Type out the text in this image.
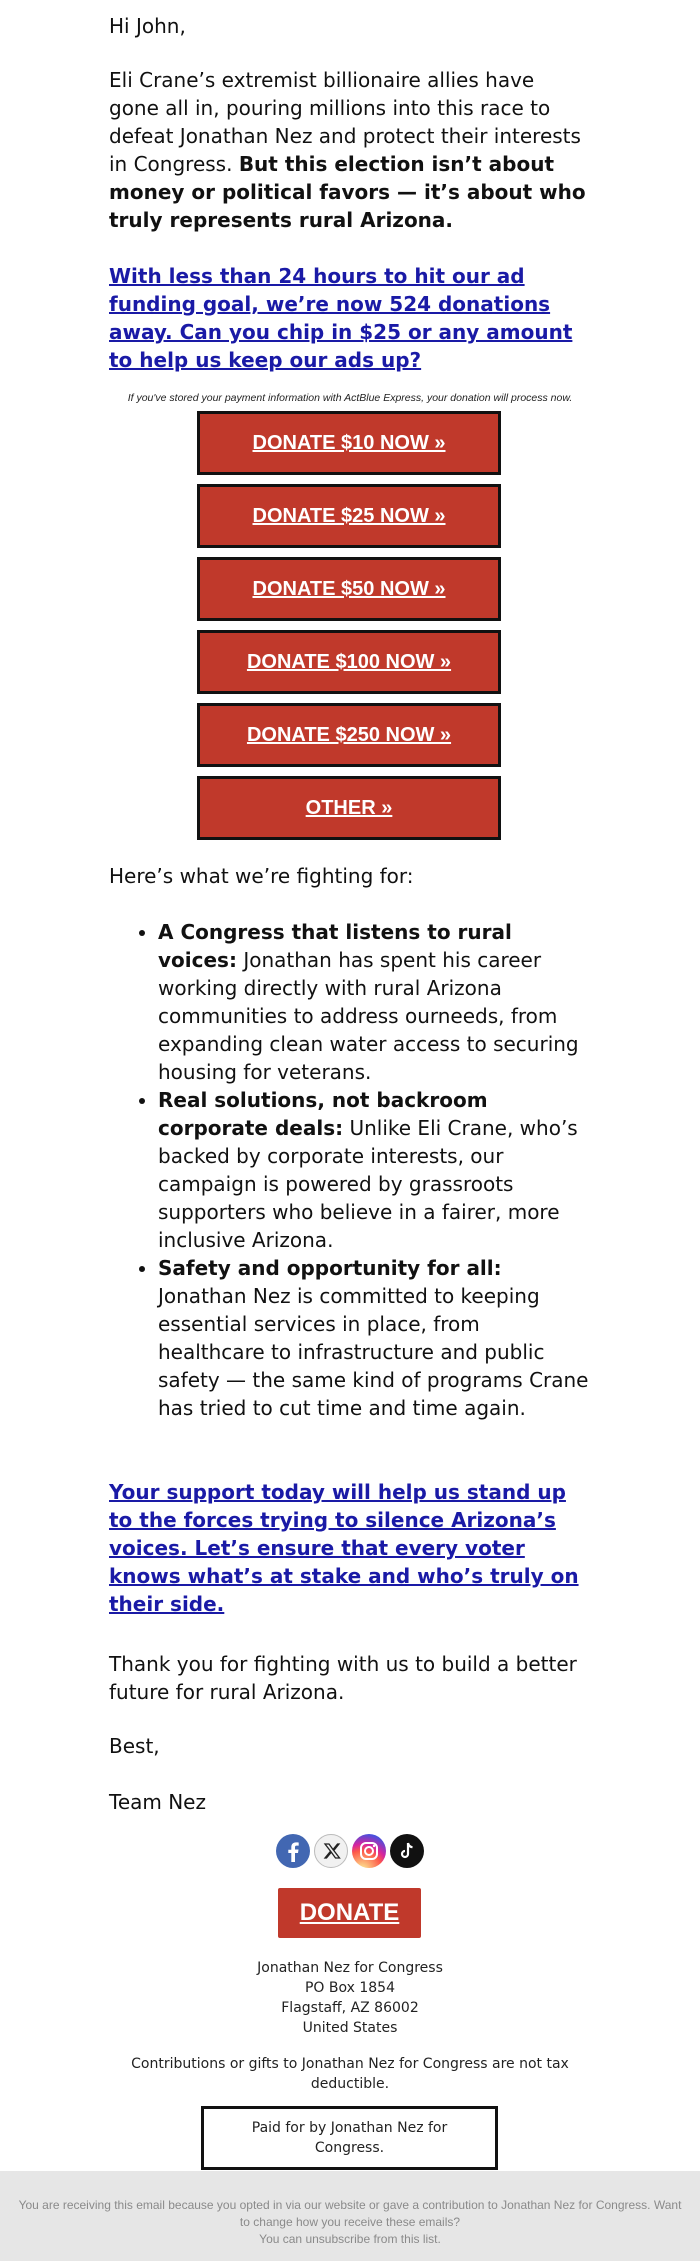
Hi John,
Eli Crane’s extremist billionaire allies have gone all in, pouring millions into this race to defeat Jonathan Nez and protect their interests in Congress. But this election isn’t about money or political favors — it’s about who truly represents rural Arizona.
With less than 24 hours to hit our ad funding goal, we’re now 524 donations away. Can you chip in $25 or any amount to help us keep our ads up?
If you've stored your payment information with ActBlue Express, your donation will process now.
DONATE $10 NOW »
DONATE $25 NOW »
DONATE $50 NOW »
DONATE $100 NOW »
DONATE $250 NOW »
OTHER »
Here’s what we’re fighting for:
• A Congress that listens to rural voices: Jonathan has spent his career working directly with rural Arizona communities to address ourneeds, from expanding clean water access to securing housing for veterans.
• Real solutions, not backroom corporate deals: Unlike Eli Crane, who’s backed by corporate interests, our campaign is powered by grassroots supporters who believe in a fairer, more inclusive Arizona.
• Safety and opportunity for all: Jonathan Nez is committed to keeping essential services in place, from healthcare to infrastructure and public safety — the same kind of programs Crane has tried to cut time and time again.
Your support today will help us stand up to the forces trying to silence Arizona’s voices. Let’s ensure that every voter knows what’s at stake and who’s truly on their side.
Thank you for fighting with us to build a better future for rural Arizona.
Best,
Team Nez
DONATE
Jonathan Nez for Congress
PO Box 1854
Flagstaff, AZ 86002
United States
Contributions or gifts to Jonathan Nez for Congress are not tax deductible.
Paid for by Jonathan Nez for Congress.
You are receiving this email because you opted in via our website or gave a contribution to Jonathan Nez for Congress. Want to change how you receive these emails?
You can unsubscribe from this list.
